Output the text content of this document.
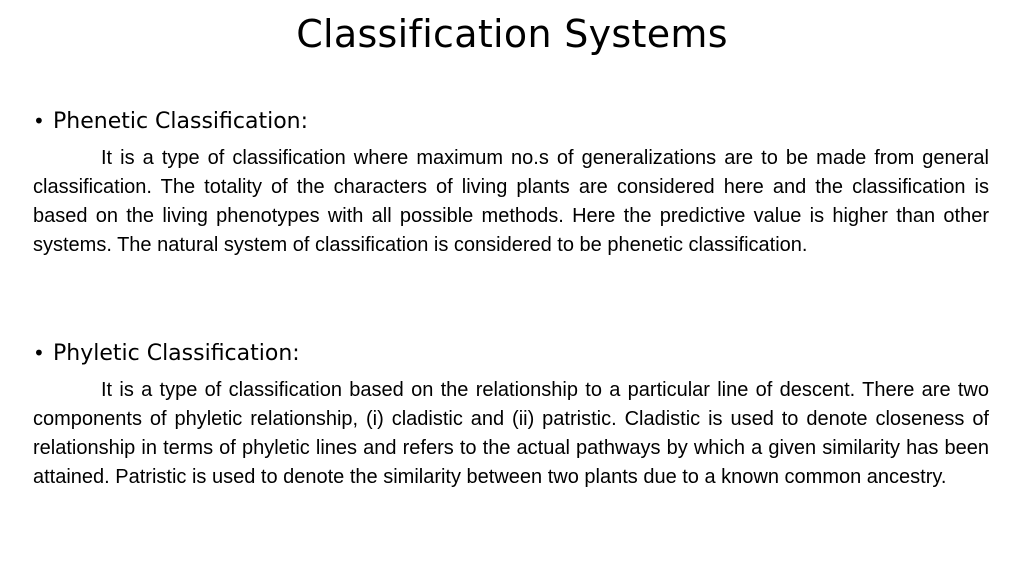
Classification Systems
• Phenetic Classification:
It is a type of classification where maximum no.s of generalizations are to be made from general classification. The totality of the characters of living plants are considered here and the classification is based on the living phenotypes with all possible methods. Here the predictive value is higher than other systems. The natural system of classification is considered to be phenetic classification.
• Phyletic Classification:
It is a type of classification based on the relationship to a particular line of descent. There are two components of phyletic relationship, (i) cladistic and (ii) patristic. Cladistic is used to denote closeness of relationship in terms of phyletic lines and refers to the actual pathways by which a given similarity has been attained. Patristic is used to denote the similarity between two plants due to a known common ancestry.
